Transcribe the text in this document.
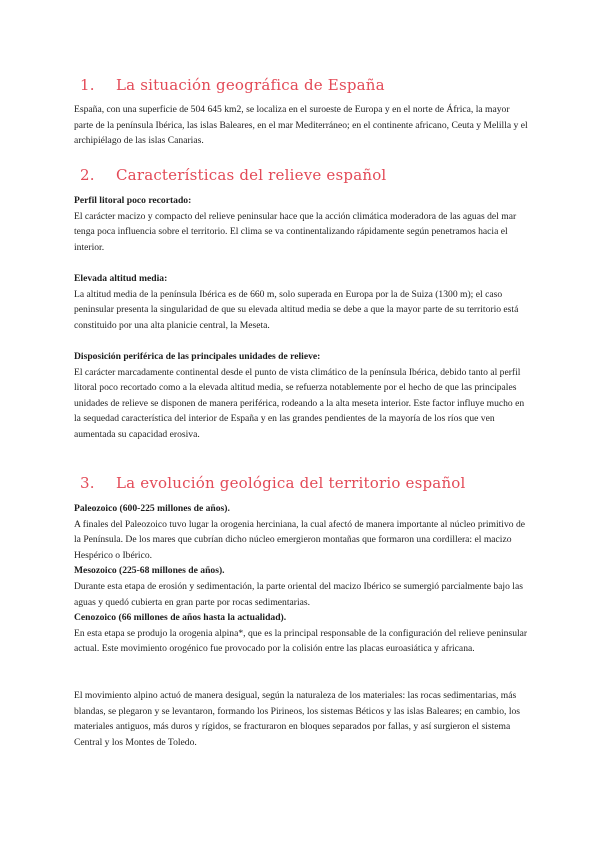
1.	La situación geográfica de España

España, con una superficie de 504 645 km2, se localiza en el suroeste de Europa y en el norte de África, la mayor parte de la península Ibérica, las islas Baleares, en el mar Mediterráneo; en el continente africano, Ceuta y Melilla y el archipiélago de las islas Canarias.

2.	Características del relieve español
Perfil litoral poco recortado:

El carácter macizo y compacto del relieve peninsular hace que la acción climática moderadora de las aguas del mar tenga poca influencia sobre el territorio. El clima se va continentalizando rápidamente según penetramos hacia el interior.

Elevada altitud media:

La altitud media de la península Ibérica es de 660 m, solo superada en Europa por la de Suiza (1300 m); el caso peninsular presenta la singularidad de que su elevada altitud media se debe a que la mayor parte de su territorio está constituido por una alta planicie central, la Meseta.

Disposición periférica de las principales unidades de relieve:

El carácter marcadamente continental desde el punto de vista climático de la península Ibérica, debido tanto al perfil litoral poco recortado como a la elevada altitud media, se refuerza notablemente por el hecho de que las principales unidades de relieve se disponen de manera periférica, rodeando a la alta meseta interior. Este factor influye mucho en la sequedad característica del interior de España y en las grandes pendientes de la mayoría de los ríos que ven aumentada su capacidad erosiva.

3.	La evolución geológica del territorio español
Paleozoico (600-225 millones de años).

A finales del Paleozoico tuvo lugar la orogenia herciniana, la cual afectó de manera importante al núcleo primitivo de la Península. De los mares que cubrían dicho núcleo emergieron montañas que formaron una cordillera: el macizo Hespérico o Ibérico.

Mesozoico (225-68 millones de años).

Durante esta etapa de erosión y sedimentación, la parte oriental del macizo Ibérico se sumergió parcialmente bajo las aguas y quedó cubierta en gran parte por rocas sedimentarias.

Cenozoico (66 millones de años hasta la actualidad).

En esta etapa se produjo la orogenia alpina*, que es la principal responsable de la configuración del relieve peninsular actual. Este movimiento orogénico fue provocado por la colisión entre las placas euroasiática y africana.

El movimiento alpino actuó de manera desigual, según la naturaleza de los materiales: las rocas sedimentarias, más blandas, se plegaron y se levantaron, formando los Pirineos, los sistemas Béticos y las islas Baleares; en cambio, los materiales antiguos, más duros y rígidos, se fracturaron en bloques separados por fallas, y así surgieron el sistema Central y los Montes de Toledo.
